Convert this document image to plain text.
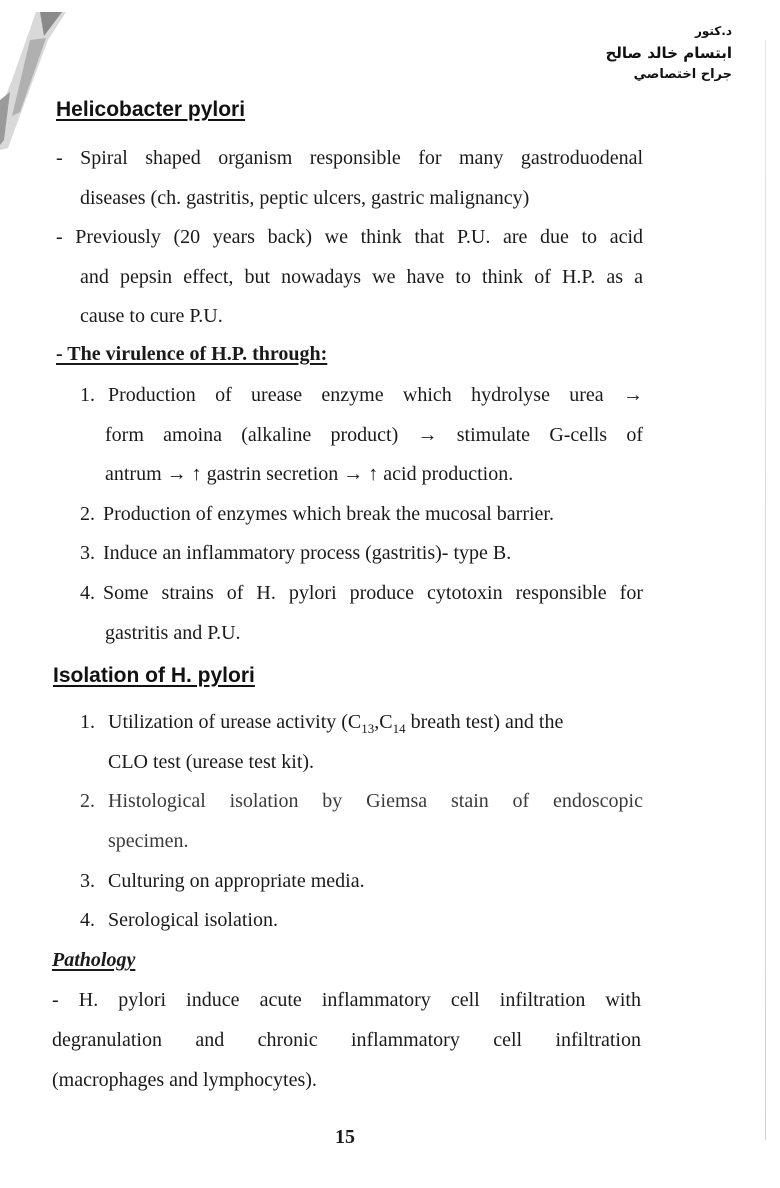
د.كتور
ابتسام خالد صالح
جراح اختصاصي
Helicobacter pylori

- Spiral shaped organism responsible for many gastroduodenal

diseases (ch. gastritis, peptic ulcers, gastric malignancy)

- Previously (20 years back) we think that P.U. are due to acid

and pepsin effect, but nowadays we have to think of H.P. as a

cause to cure P.U.

- The virulence of H.P. through:
1. Production of urease enzyme which hydrolyse urea →

form amoina (alkaline product) → stimulate G-cells of

antrum → ↑ gastrin secretion → ↑ acid production.

2. Production of enzymes which break the mucosal barrier.

3. Induce an inflammatory process (gastritis)- type B.

4. Some strains of H. pylori produce cytotoxin responsible for

gastritis and P.U.

Isolation of H. pylori
1. Utilization of urease activity ($C_{13},C_{14}$ breath test) and the

CLO test (urease test kit).

2. Histological isolation by Giemsa stain of endoscopic

specimen.

3. Culturing on appropriate media.

4. Serological isolation.

Pathology

- H. pylori induce acute inflammatory cell infiltration with

degranulation and chronic inflammatory cell infiltration

(macrophages and lymphocytes).

15
